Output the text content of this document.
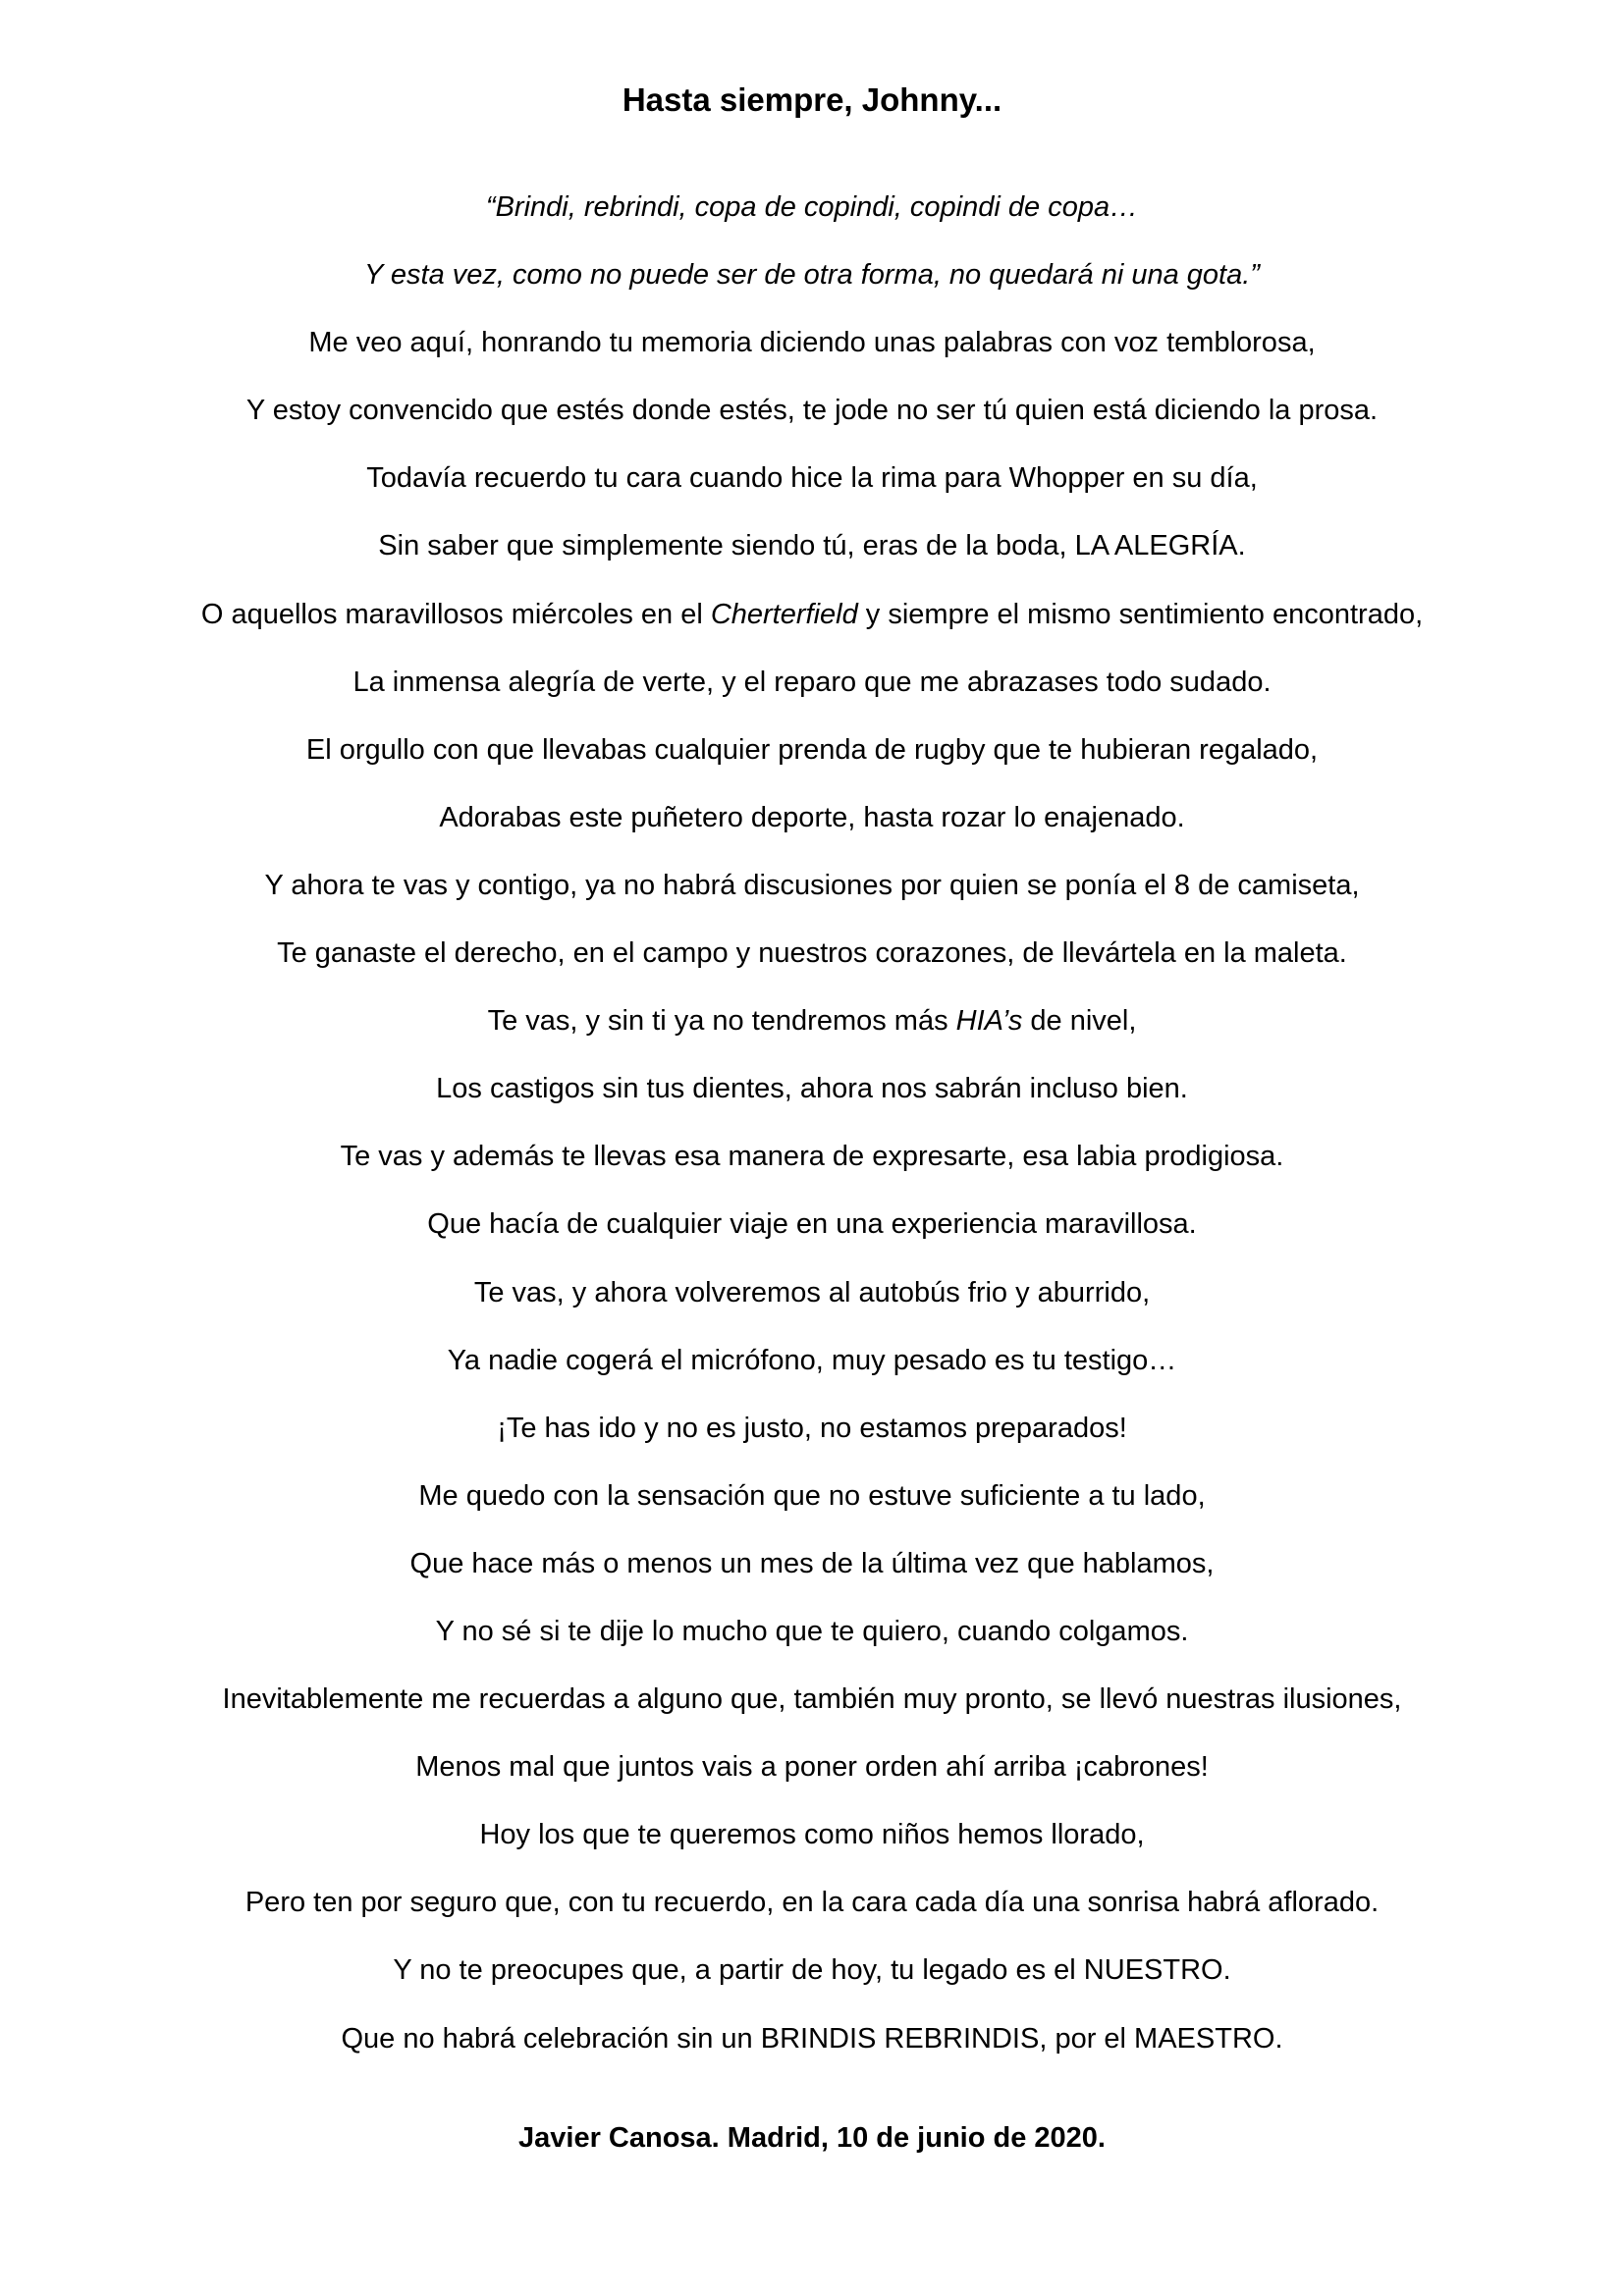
Hasta siempre, Johnny...

“Brindi, rebrindi, copa de copindi, copindi de copa…

Y esta vez, como no puede ser de otra forma, no quedará ni una gota.”

Me veo aquí, honrando tu memoria diciendo unas palabras con voz temblorosa,

Y estoy convencido que estés donde estés, te jode no ser tú quien está diciendo la prosa.

Todavía recuerdo tu cara cuando hice la rima para Whopper en su día,

Sin saber que simplemente siendo tú, eras de la boda, LA ALEGRÍA.

O aquellos maravillosos miércoles en el Cherterfield y siempre el mismo sentimiento encontrado,

La inmensa alegría de verte, y el reparo que me abrazases todo sudado.

El orgullo con que llevabas cualquier prenda de rugby que te hubieran regalado,

Adorabas este puñetero deporte, hasta rozar lo enajenado.

Y ahora te vas y contigo, ya no habrá discusiones por quien se ponía el 8 de camiseta,

Te ganaste el derecho, en el campo y nuestros corazones, de llevártela en la maleta.

Te vas, y sin ti ya no tendremos más HIA’s de nivel,

Los castigos sin tus dientes, ahora nos sabrán incluso bien.

Te vas y además te llevas esa manera de expresarte, esa labia prodigiosa.

Que hacía de cualquier viaje en una experiencia maravillosa.

Te vas, y ahora volveremos al autobús frio y aburrido,

Ya nadie cogerá el micrófono, muy pesado es tu testigo…

¡Te has ido y no es justo, no estamos preparados!

Me quedo con la sensación que no estuve suficiente a tu lado,

Que hace más o menos un mes de la última vez que hablamos,

Y no sé si te dije lo mucho que te quiero, cuando colgamos.

Inevitablemente me recuerdas a alguno que, también muy pronto, se llevó nuestras ilusiones,

Menos mal que juntos vais a poner orden ahí arriba ¡cabrones!

Hoy los que te queremos como niños hemos llorado,

Pero ten por seguro que, con tu recuerdo, en la cara cada día una sonrisa habrá aflorado.

Y no te preocupes que, a partir de hoy, tu legado es el NUESTRO.

Que no habrá celebración sin un BRINDIS REBRINDIS, por el MAESTRO.

Javier Canosa. Madrid, 10 de junio de 2020.
